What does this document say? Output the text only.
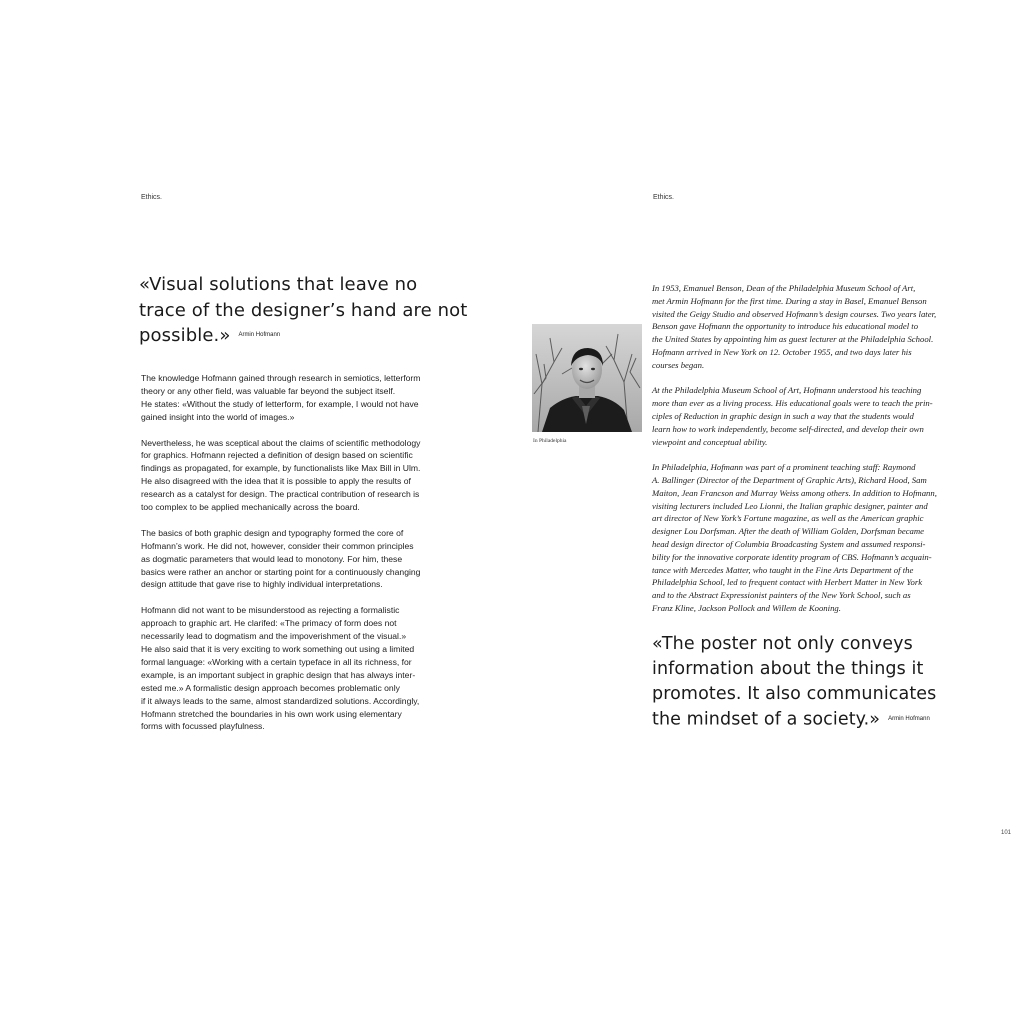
Ethics.
«Visual solutions that leave no
trace of the designer’s hand are not
possible.» Armin Hofmann

The knowledge Hofmann gained through research in semiotics, letterform
theory or any other field, was valuable far beyond the subject itself.
He states: «Without the study of letterform, for example, I would not have
gained insight into the world of images.»

Nevertheless, he was sceptical about the claims of scientific methodology
for graphics. Hofmann rejected a definition of design based on scientific
findings as propagated, for example, by functionalists like Max Bill in Ulm.
He also disagreed with the idea that it is possible to apply the results of
research as a catalyst for design. The practical contribution of research is
too complex to be applied mechanically across the board.

The basics of both graphic design and typography formed the core of
Hofmann’s work. He did not, however, consider their common principles
as dogmatic parameters that would lead to monotony. For him, these
basics were rather an anchor or starting point for a continuously changing
design attitude that gave rise to highly individual interpretations.

Hofmann did not want to be misunderstood as rejecting a formalistic
approach to graphic art. He clarifed: «The primacy of form does not
necessarily lead to dogmatism and the impoverishment of the visual.»
He also said that it is very exciting to work something out using a limited
formal language: «Working with a certain typeface in all its richness, for
example, is an important subject in graphic design that has always inter-
ested me.» A formalistic design approach becomes problematic only
if it always leads to the same, almost standardized solutions. Accordingly,
Hofmann stretched the boundaries in his own work using elementary
forms with focussed playfulness.

Ethics.
In Philadelphia

In 1953, Emanuel Benson, Dean of the Philadelphia Museum School of Art,
met Armin Hofmann for the first time. During a stay in Basel, Emanuel Benson
visited the Geigy Studio and observed Hofmann’s design courses. Two years later,
Benson gave Hofmann the opportunity to introduce his educational model to
the United States by appointing him as guest lecturer at the Philadelphia School.
Hofmann arrived in New York on 12. October 1955, and two days later his
courses began.

At the Philadelphia Museum School of Art, Hofmann understood his teaching
more than ever as a living process. His educational goals were to teach the prin-
ciples of Reduction in graphic design in such a way that the students would
learn how to work independently, become self-directed, and develop their own
viewpoint and conceptual ability.

In Philadelphia, Hofmann was part of a prominent teaching staff: Raymond
A. Ballinger (Director of the Department of Graphic Arts), Richard Hood, Sam
Maiton, Jean Francson and Murray Weiss among others. In addition to Hofmann,
visiting lecturers included Leo Lionni, the Italian graphic designer, painter and
art director of New York’s Fortune magazine, as well as the American graphic
designer Lou Dorfsman. After the death of William Golden, Dorfsman became
head design director of Columbia Broadcasting System and assumed responsi-
bility for the innovative corporate identity program of CBS. Hofmann’s acquain-
tance with Mercedes Matter, who taught in the Fine Arts Department of the
Philadelphia School, led to frequent contact with Herbert Matter in New York
and to the Abstract Expressionist painters of the New York School, such as
Franz Kline, Jackson Pollock and Willem de Kooning.

«The poster not only conveys
information about the things it
promotes. It also communicates
the mindset of a society.» Armin Hofmann
101
